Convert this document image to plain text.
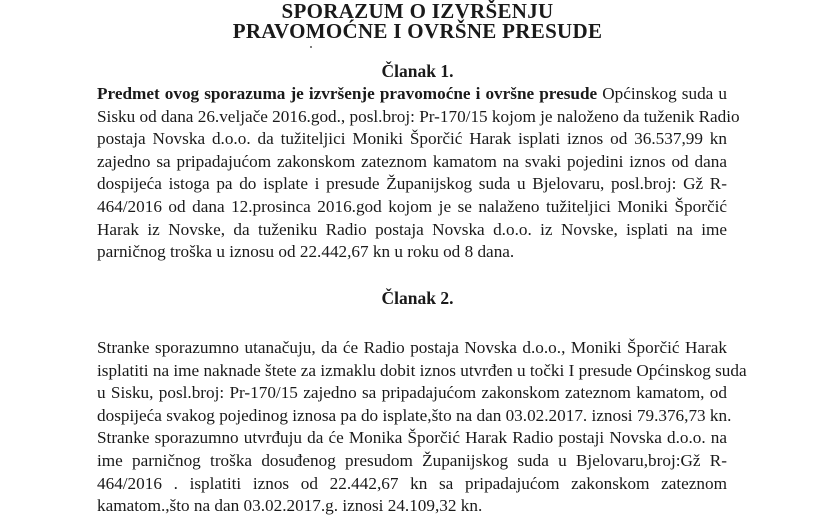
SPORAZUM O IZVRŠENJU
PRAVOMOĆNE I OVRŠNE PRESUDE
Članak 1.
Predmet ovog sporazuma je izvršenje pravomoćne i ovršne presude Općinskog suda u
Sisku od dana 26.veljače 2016.god., posl.broj: Pr-170/15 kojom je naloženo da tuženik Radio
postaja Novska d.o.o. da tužiteljici Moniki Šporčić Harak isplati iznos od 36.537,99 kn
zajedno sa pripadajućom zakonskom zateznom kamatom na svaki pojedini iznos od dana
dospijeća istoga pa do isplate i presude Županijskog suda u Bjelovaru, posl.broj: Gž R-
464/2016 od dana 12.prosinca 2016.god kojom je se nalaženo tužiteljici Moniki Šporčić
Harak iz Novske, da tuženiku Radio postaja Novska d.o.o. iz Novske, isplati na ime
parničnog troška u iznosu od 22.442,67 kn u roku od 8 dana.
Članak 2.
Stranke sporazumno utanačuju, da će Radio postaja Novska d.o.o., Moniki Šporčić Harak
isplatiti na ime naknade štete za izmaklu dobit iznos utvrđen u točki I presude Općinskog suda
u Sisku, posl.broj: Pr-170/15 zajedno sa pripadajućom zakonskom zateznom kamatom, od
dospijeća svakog pojedinog iznosa pa do isplate,što na dan 03.02.2017. iznosi 79.376,73 kn.
Stranke sporazumno utvrđuju da će Monika Šporčić Harak Radio postaji Novska d.o.o. na
ime parničnog troška dosuđenog presudom Županijskog suda u Bjelovaru,broj:Gž R-
464/2016 . isplatiti iznos od 22.442,67 kn sa pripadajućom zakonskom zateznom
kamatom.,što na dan 03.02.2017.g. iznosi 24.109,32 kn.
